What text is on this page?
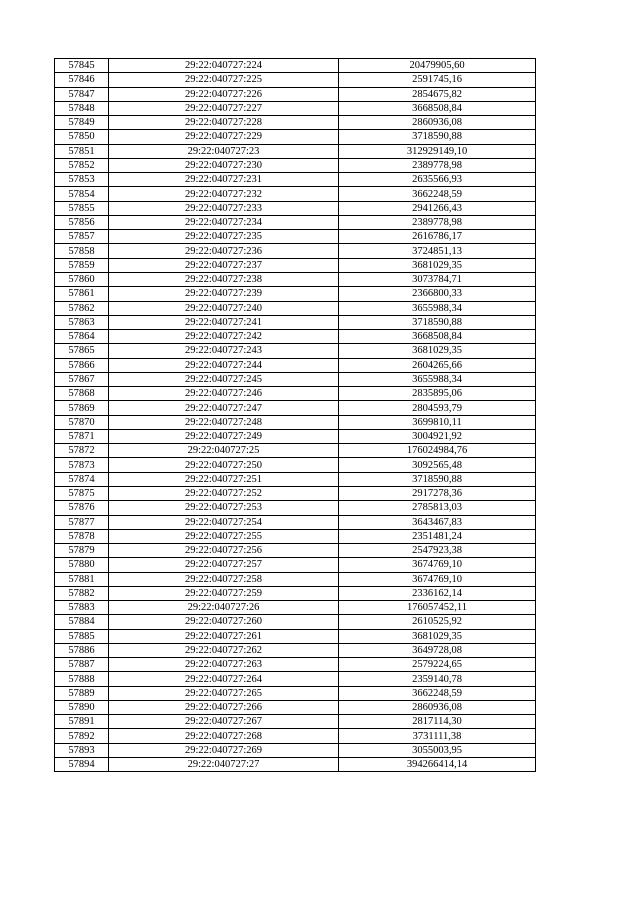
57845	29:22:040727:224	20479905,60
57846	29:22:040727:225	2591745,16
57847	29:22:040727:226	2854675,82
57848	29:22:040727:227	3668508,84
57849	29:22:040727:228	2860936,08
57850	29:22:040727:229	3718590,88
57851	29:22:040727:23	312929149,10
57852	29:22:040727:230	2389778,98
57853	29:22:040727:231	2635566,93
57854	29:22:040727:232	3662248,59
57855	29:22:040727:233	2941266,43
57856	29:22:040727:234	2389778,98
57857	29:22:040727:235	2616786,17
57858	29:22:040727:236	3724851,13
57859	29:22:040727:237	3681029,35
57860	29:22:040727:238	3073784,71
57861	29:22:040727:239	2366800,33
57862	29:22:040727:240	3655988,34
57863	29:22:040727:241	3718590,88
57864	29:22:040727:242	3668508,84
57865	29:22:040727:243	3681029,35
57866	29:22:040727:244	2604265,66
57867	29:22:040727:245	3655988,34
57868	29:22:040727:246	2835895,06
57869	29:22:040727:247	2804593,79
57870	29:22:040727:248	3699810,11
57871	29:22:040727:249	3004921,92
57872	29:22:040727:25	176024984,76
57873	29:22:040727:250	3092565,48
57874	29:22:040727:251	3718590,88
57875	29:22:040727:252	2917278,36
57876	29:22:040727:253	2785813,03
57877	29:22:040727:254	3643467,83
57878	29:22:040727:255	2351481,24
57879	29:22:040727:256	2547923,38
57880	29:22:040727:257	3674769,10
57881	29:22:040727:258	3674769,10
57882	29:22:040727:259	2336162,14
57883	29:22:040727:26	176057452,11
57884	29:22:040727:260	2610525,92
57885	29:22:040727:261	3681029,35
57886	29:22:040727:262	3649728,08
57887	29:22:040727:263	2579224,65
57888	29:22:040727:264	2359140,78
57889	29:22:040727:265	3662248,59
57890	29:22:040727:266	2860936,08
57891	29:22:040727:267	2817114,30
57892	29:22:040727:268	3731111,38
57893	29:22:040727:269	3055003,95
57894	29:22:040727:27	394266414,14
